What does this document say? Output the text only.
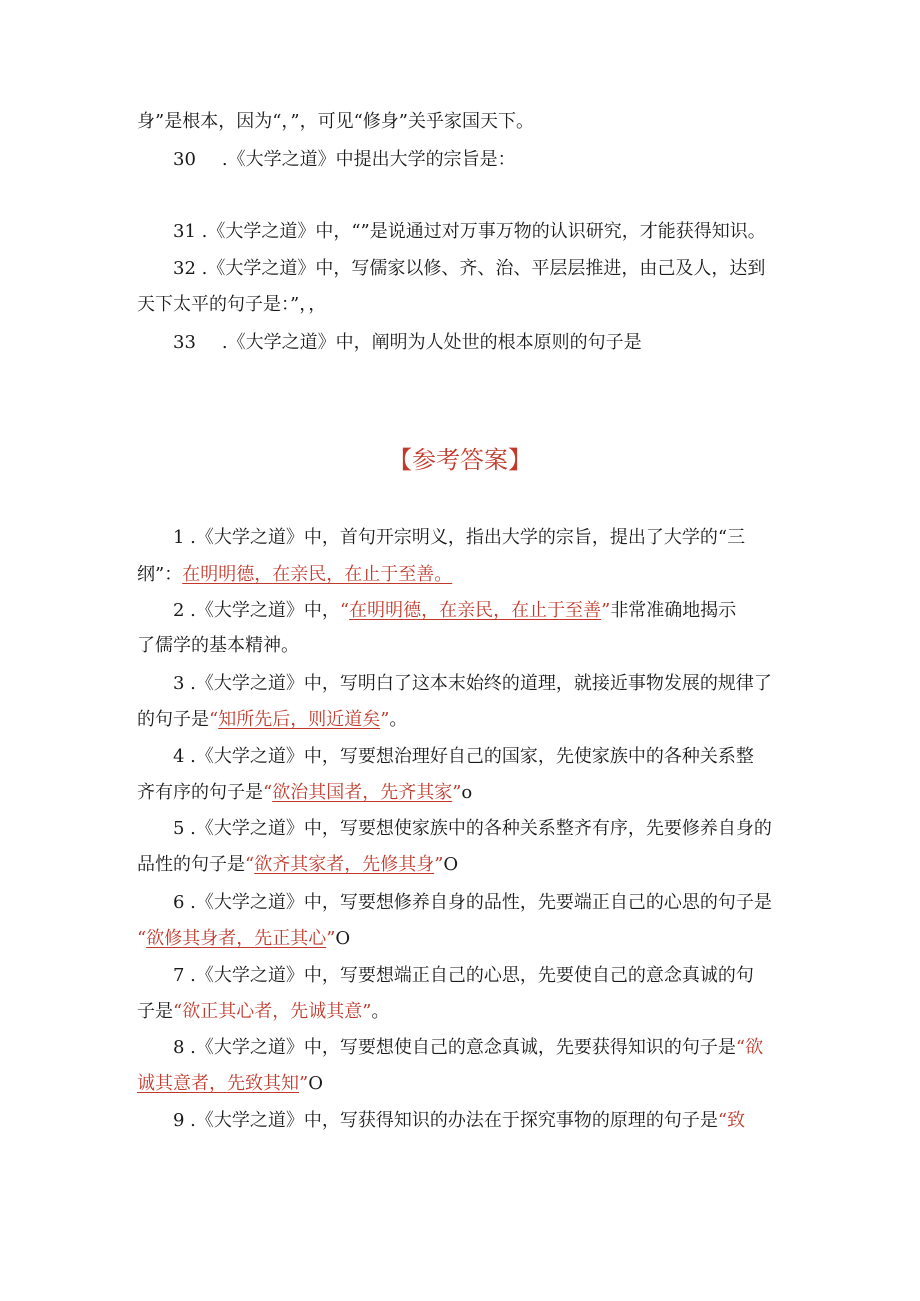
身”是根本，因为“，”，可见“修身”关乎家国天下。
30 .《大学之道》中提出大学的宗旨是：
31 .《大学之道》中，“”是说通过对万事万物的认识研究，才能获得知识。
32 .《大学之道》中，写儒家以修、齐、治、平层层推进，由己及人，达到
天下太平的句子是：”，，
33 .《大学之道》中，阐明为人处世的根本原则的句子是
【参考答案】
1 .《大学之道》中，首句开宗明义，指出大学的宗旨，提出了大学的“三
纲”：在明明德，在亲民，在止于至善。
2 .《大学之道》中，“在明明德，在亲民，在止于至善”非常准确地揭示
了儒学的基本精神。
3 .《大学之道》中，写明白了这本末始终的道理，就接近事物发展的规律了
的句子是“知所先后，则近道矣”。
4 .《大学之道》中，写要想治理好自己的国家，先使家族中的各种关系整
齐有序的句子是“欲治其国者，先齐其家”o
5 .《大学之道》中，写要想使家族中的各种关系整齐有序，先要修养自身的
品性的句子是“欲齐其家者，先修其身”O
6 .《大学之道》中，写要想修养自身的品性，先要端正自己的心思的句子是
“欲修其身者，先正其心”O
7 .《大学之道》中，写要想端正自己的心思，先要使自己的意念真诚的句
子是“欲正其心者，先诚其意”。
8 .《大学之道》中，写要想使自己的意念真诚，先要获得知识的句子是“欲
诚其意者，先致其知”O
9 .《大学之道》中，写获得知识的办法在于探究事物的原理的句子是“致
